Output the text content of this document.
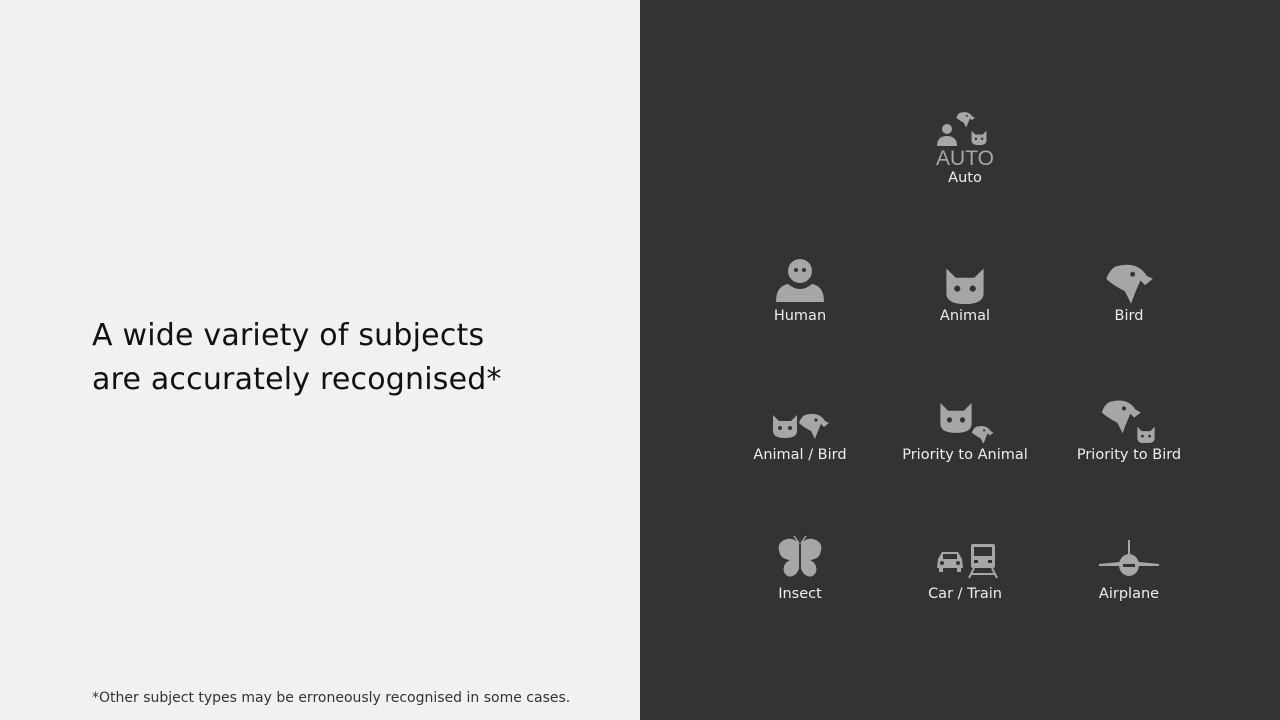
A wide variety of subjects
are accurately recognised*
*Other subject types may be erroneously recognised in some cases.
AUTO
Auto
Human	Animal	Bird
Animal / Bird	Priority to Animal	Priority to Bird
Insect	Car / Train	Airplane
